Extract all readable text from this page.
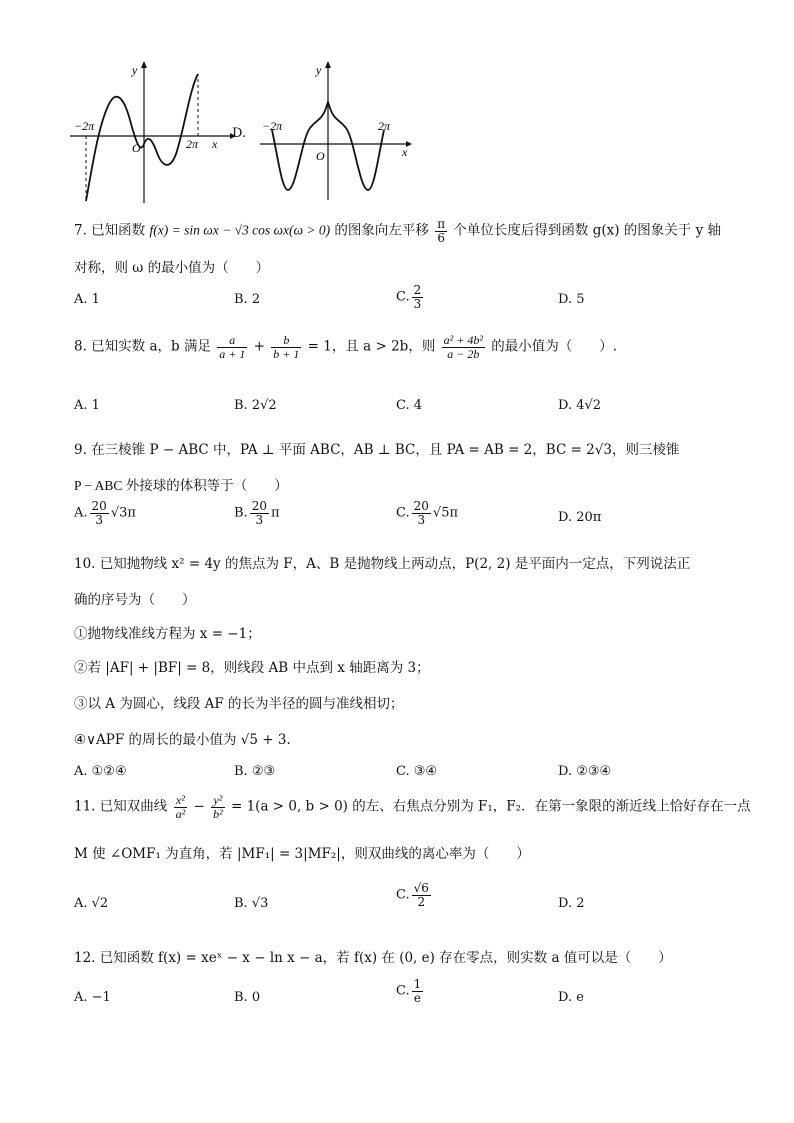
y
x
O
−2π
2π
D.
y
x
O
−2π	2π
7. 已知函数 f(x) = sin ωx − √3 cos ωx(ω > 0) 的图象向左平移 $\frac{\pi}{6}$ 个单位长度后得到函数 g(x) 的图象关于 y 轴
对称，则 ω 的最小值为（　　）
A. 1	B. 2	C. $\frac{2}{3}$	D. 5
8. 已知实数 a，b 满足 $\frac{a}{a + 1} + \frac{b}{b + 1} = 1$，且 a > 2b，则 $\frac{\text{a² + 4b²}}{a - 2b}$ 的最小值为（　　）.
A. 1	B. 2√2	C. 4	D. 4√2
9. 在三棱锥 P − ABC 中，PA ⊥ 平面 ABC，AB ⊥ BC，且 PA = AB = 2，BC = 2√3，则三棱锥
P − ABC 外接球的体积等于（　　）
A. $\frac{20}{3} √3\pi$	B. $\frac{20}{3}$ π	C. $\frac{20}{3} √5\pi$	D. 20π
10. 已知抛物线 x² = 4y 的焦点为 F，A、B 是抛物线上两动点，P(2, 2) 是平面内一定点，下列说法正
确的序号为（　　）
①抛物线准线方程为 x = −1；
②若 |AF| + |BF| = 8，则线段 AB 中点到 x 轴距离为 3；
③以 A 为圆心，线段 AF 的长为半径的圆与准线相切；
④∨APF 的周长的最小值为 √5 + 3．
A. ①②④	B. ②③	C. ③④	D. ②③④
11. 已知双曲线 $\frac{\text{x²}}{\text{a²}} - \frac{\text{y²}}{\text{b²}} = 1(a > 0$, b > 0) 的左、右焦点分别为 F₁，F₂．在第一象限的渐近线上恰好存在一点
M 使 ∠OMF₁ 为直角，若 |MF₁| = 3|MF₂|，则双曲线的离心率为（　　）
A. √2	B. √3
C. $\frac{√6}{2}$	D. 2
12. 已知函数 f(x) = xeˣ − x − ln x − a，若 f(x) 在 (0, e) 存在零点，则实数 a 值可以是（　　）
A. −1	B. 0	C. $\frac{1}{e}$	D. e
